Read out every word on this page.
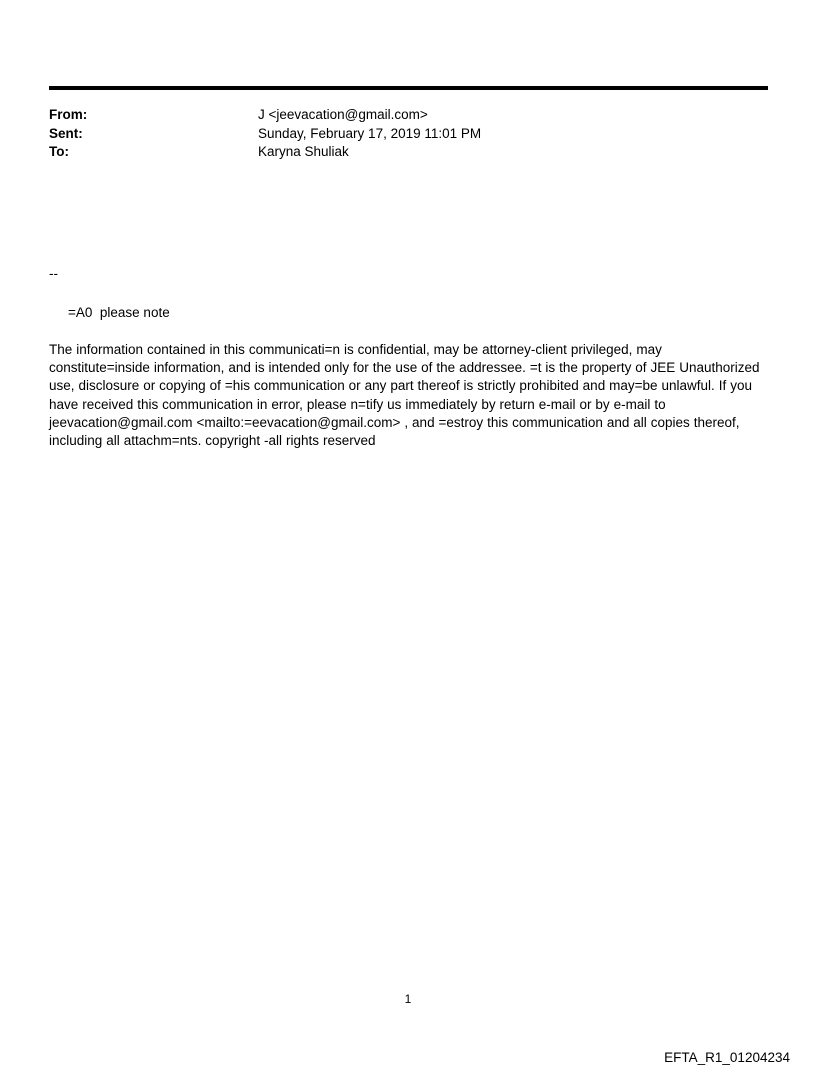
From:	J <jeevacation@gmail.com>
Sent:	Sunday, February 17, 2019 11:01 PM
To:	Karyna Shuliak
--
=A0  please note
The information contained in this communicati=n is confidential, may be attorney-client privileged, may constitute=inside information, and is intended only for the use of the addressee. =t is the property of JEE Unauthorized use, disclosure or copying of =his communication or any part thereof is strictly prohibited and may=be unlawful. If you have received this communication in error, please n=tify us immediately by return e-mail or by e-mail to jeevacation@gmail.com <mailto:=eevacation@gmail.com> , and =estroy this communication and all copies thereof, including all attachm=nts. copyright -all rights reserved
1
EFTA_R1_01204234
